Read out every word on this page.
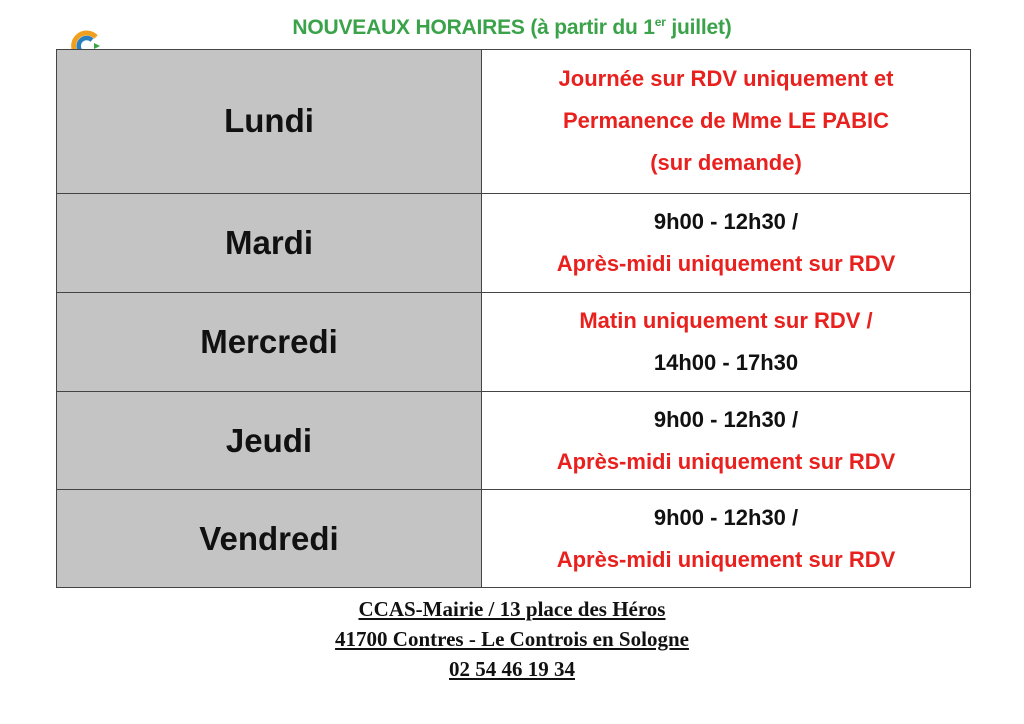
NOUVEAUX HORAIRES (à partir du 1er juillet)
Lundi	Journée sur RDV uniquement et
Permanence de Mme LE PABIC
(sur demande)

Mardi	9h00 - 12h30 /
Après-midi uniquement sur RDV

Mercredi	Matin uniquement sur RDV /
14h00 - 17h30

Jeudi	9h00 - 12h30 /
Après-midi uniquement sur RDV

Vendredi	9h00 - 12h30 /
Après-midi uniquement sur RDV
CCAS-Mairie / 13 place des Héros
41700 Contres - Le Controis en Sologne
02 54 46 19 34
